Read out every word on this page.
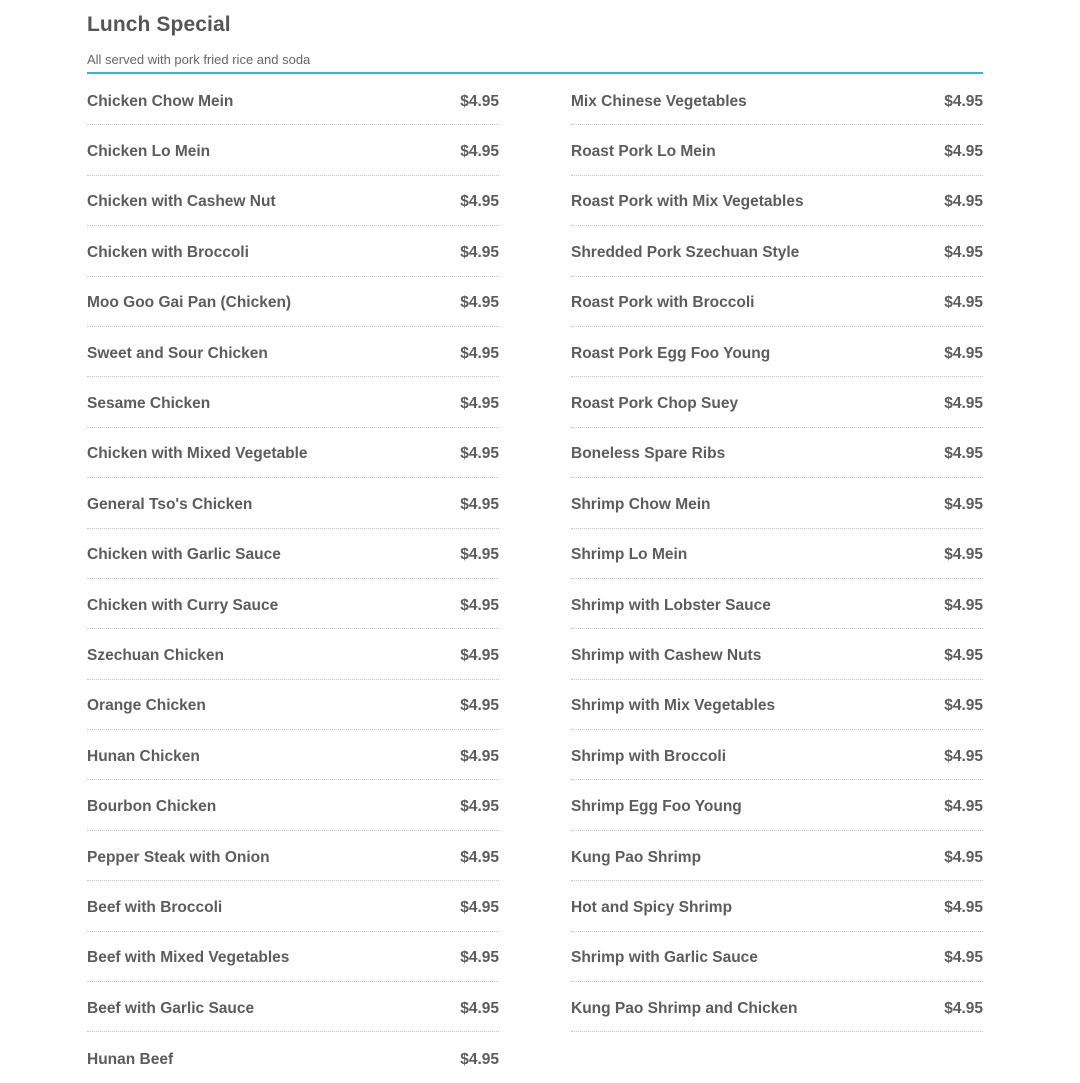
Lunch Special
All served with pork fried rice and soda
Chicken Chow Mein	$4.95
Chicken Lo Mein	$4.95
Chicken with Cashew Nut	$4.95
Chicken with Broccoli	$4.95
Moo Goo Gai Pan (Chicken)	$4.95
Sweet and Sour Chicken	$4.95
Sesame Chicken	$4.95
Chicken with Mixed Vegetable	$4.95
General Tso's Chicken	$4.95
Chicken with Garlic Sauce	$4.95
Chicken with Curry Sauce	$4.95
Szechuan Chicken	$4.95
Orange Chicken	$4.95
Hunan Chicken	$4.95
Bourbon Chicken	$4.95
Pepper Steak with Onion	$4.95
Beef with Broccoli	$4.95
Beef with Mixed Vegetables	$4.95
Beef with Garlic Sauce	$4.95
Hunan Beef	$4.95
Mix Chinese Vegetables	$4.95
Roast Pork Lo Mein	$4.95
Roast Pork with Mix Vegetables	$4.95
Shredded Pork Szechuan Style	$4.95
Roast Pork with Broccoli	$4.95
Roast Pork Egg Foo Young	$4.95
Roast Pork Chop Suey	$4.95
Boneless Spare Ribs	$4.95
Shrimp Chow Mein	$4.95
Shrimp Lo Mein	$4.95
Shrimp with Lobster Sauce	$4.95
Shrimp with Cashew Nuts	$4.95
Shrimp with Mix Vegetables	$4.95
Shrimp with Broccoli	$4.95
Shrimp Egg Foo Young	$4.95
Kung Pao Shrimp	$4.95
Hot and Spicy Shrimp	$4.95
Shrimp with Garlic Sauce	$4.95
Kung Pao Shrimp and Chicken	$4.95
